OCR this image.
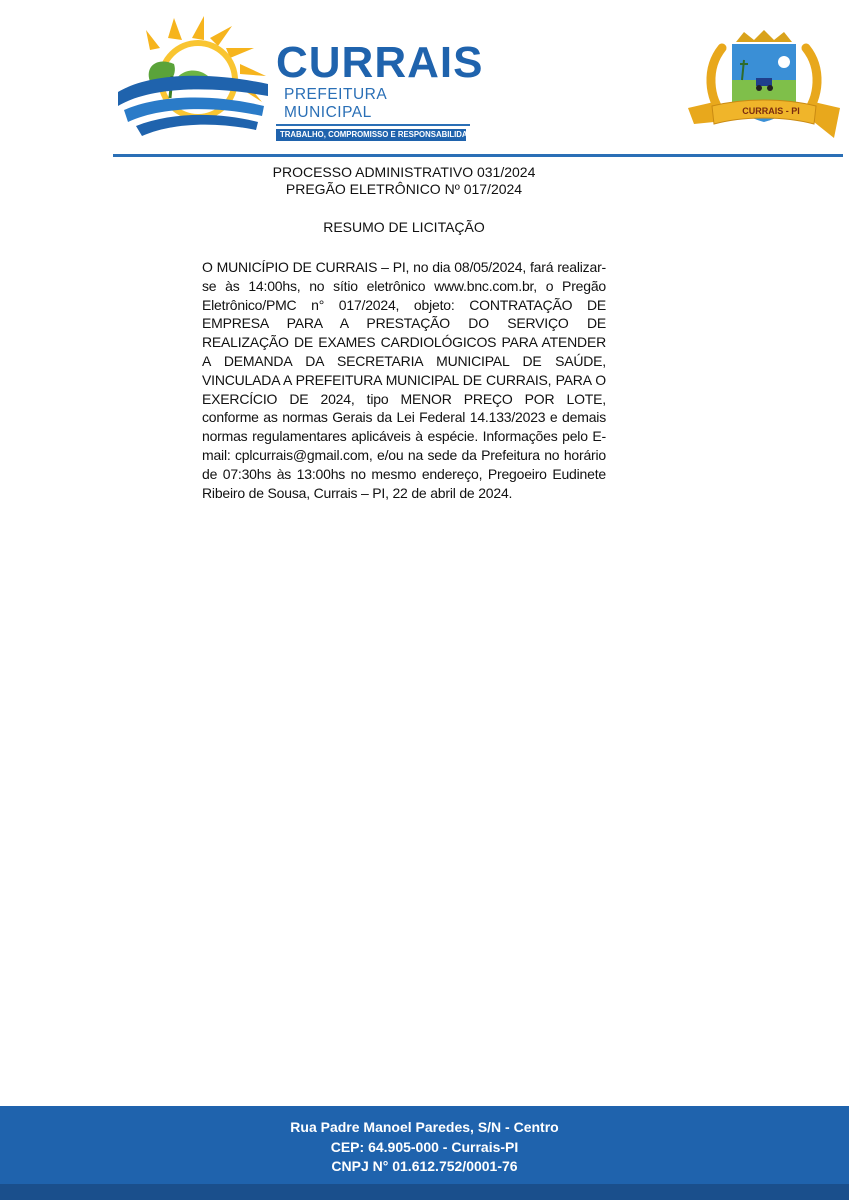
CURRAIS
PREFEITURA MUNICIPAL
TRABALHO, COMPROMISSO E RESPONSABILIDADE
CURRAIS - PI
PROCESSO ADMINISTRATIVO 031/2024
PREGÃO ELETRÔNICO Nº 017/2024
RESUMO DE LICITAÇÃO
O MUNICÍPIO DE CURRAIS – PI, no dia 08/05/2024, fará realizar-se às 14:00hs, no sítio eletrônico www.bnc.com.br, o Pregão Eletrônico/PMC n° 017/2024, objeto: CONTRATAÇÃO DE EMPRESA PARA A PRESTAÇÃO DO SERVIÇO DE REALIZAÇÃO DE EXAMES CARDIOLÓGICOS PARA ATENDER A DEMANDA DA SECRETARIA MUNICIPAL DE SAÚDE, VINCULADA A PREFEITURA MUNICIPAL DE CURRAIS, PARA O EXERCÍCIO DE 2024, tipo MENOR PREÇO POR LOTE, conforme as normas Gerais da Lei Federal 14.133/2023 e demais normas regulamentares aplicáveis à espécie. Informações pelo E-mail: cplcurrais@gmail.com, e/ou na sede da Prefeitura no horário de 07:30hs às 13:00hs no mesmo endereço, Pregoeiro Eudinete Ribeiro de Sousa, Currais – PI, 22 de abril de 2024.
Rua Padre Manoel Paredes, S/N - Centro
CEP: 64.905-000 - Currais-PI
CNPJ N° 01.612.752/0001-76
